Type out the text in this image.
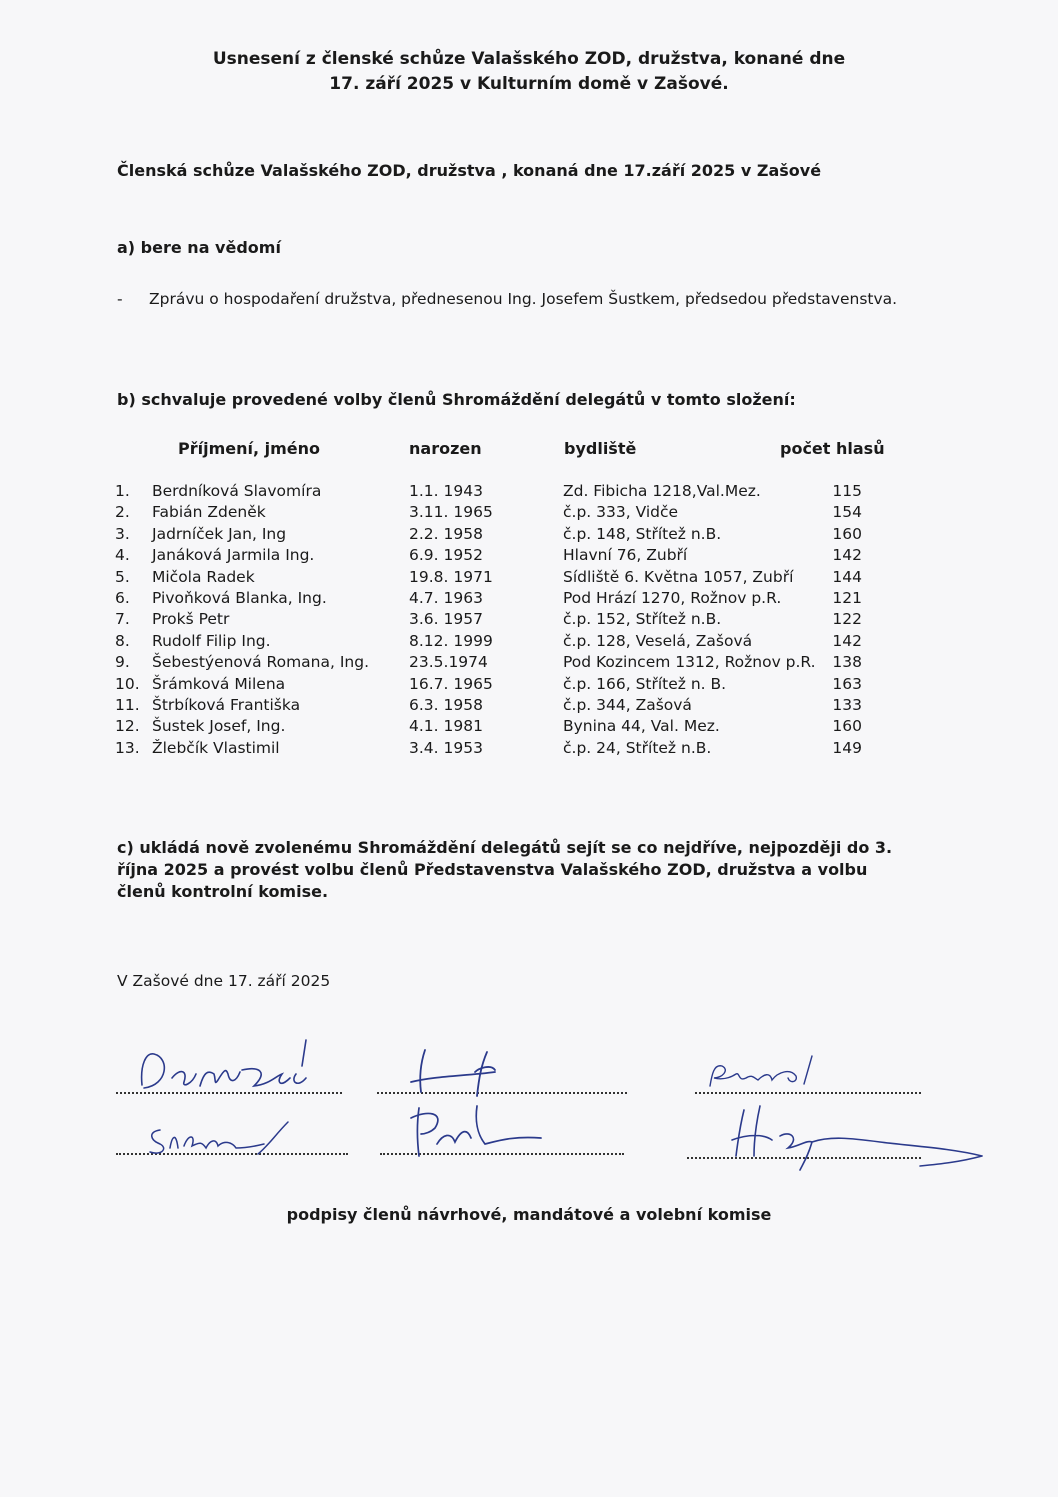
Usnesení z členské schůze Valašského ZOD, družstva, konané dne
17. září 2025 v Kulturním domě v Zašové.
Členská schůze Valašského ZOD, družstva , konaná dne 17.září 2025 v Zašové
a) bere na vědomí
- Zprávu o hospodaření družstva, přednesenou Ing. Josefem Šustkem, předsedou představenstva.
b) schvaluje provedené volby členů Shromáždění delegátů v tomto složení:
Příjmení, jméno	narozen	bydliště	počet hlasů
1. Berdníková Slavomíra	1.1. 1943	Zd. Fibicha 1218,Val.Mez.	115
2. Fabián Zdeněk	3.11. 1965	č.p. 333, Vidče	154
3. Jadrníček Jan, Ing	2.2. 1958	č.p. 148, Střítež n.B.	160
4. Janáková Jarmila Ing.	6.9. 1952	Hlavní 76, Zubří	142
5. Mičola Radek	19.8. 1971	Sídliště 6. Května 1057, Zubří	144
6. Pivoňková Blanka, Ing.	4.7. 1963	Pod Hrází 1270, Rožnov p.R.	121
7. Prokš Petr	3.6. 1957	č.p. 152, Střítež n.B.	122
8. Rudolf Filip Ing.	8.12. 1999	č.p. 128, Veselá, Zašová	142
9. Šebestýenová Romana, Ing.	23.5.1974	Pod Kozincem 1312, Rožnov p.R.	138
10. Šrámková Milena	16.7. 1965	č.p. 166, Střítež n. B.	163
11. Štrbíková Františka	6.3. 1958	č.p. 344, Zašová	133
12. Šustek Josef, Ing.	4.1. 1981	Bynina 44, Val. Mez.	160
13. Žlebčík Vlastimil	3.4. 1953	č.p. 24, Střítež n.B.	149
c) ukládá nově zvolenému Shromáždění delegátů sejít se co nejdříve, nejpozději do 3.
října 2025 a provést volbu členů Představenstva Valašského ZOD, družstva a volbu
členů kontrolní komise.
V Zašové dne 17. září 2025
podpisy členů návrhové, mandátové a volební komise
